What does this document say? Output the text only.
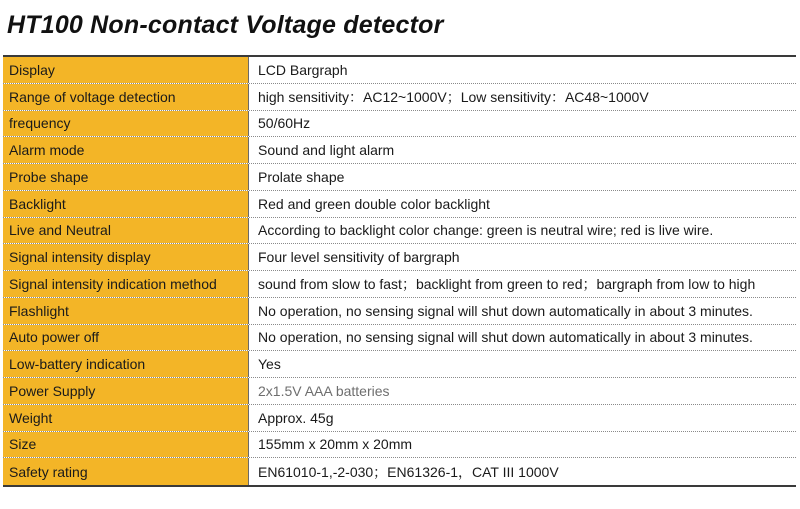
HT100 Non-contact Voltage detector
Display	LCD Bargraph
Range of voltage detection	high sensitivity：AC12~1000V；Low sensitivity：AC48~1000V
frequency	50/60Hz
Alarm mode	Sound and light alarm
Probe shape	Prolate shape
Backlight	Red and green double color backlight
Live and Neutral	According to backlight color change: green is neutral wire; red is live wire.
Signal intensity display	Four level sensitivity of bargraph
Signal intensity indication method	sound from slow to fast；backlight from green to red；bargraph from low to high
Flashlight	No operation, no sensing signal will shut down automatically in about 3 minutes.
Auto power off	No operation, no sensing signal will shut down automatically in about 3 minutes.
Low-battery indication	Yes
Power Supply	2x1.5V AAA batteries
Weight	Approx. 45g
Size	155mm x 20mm x 20mm
Safety rating	EN61010-1,-2-030；EN61326-1，CAT III 1000V
